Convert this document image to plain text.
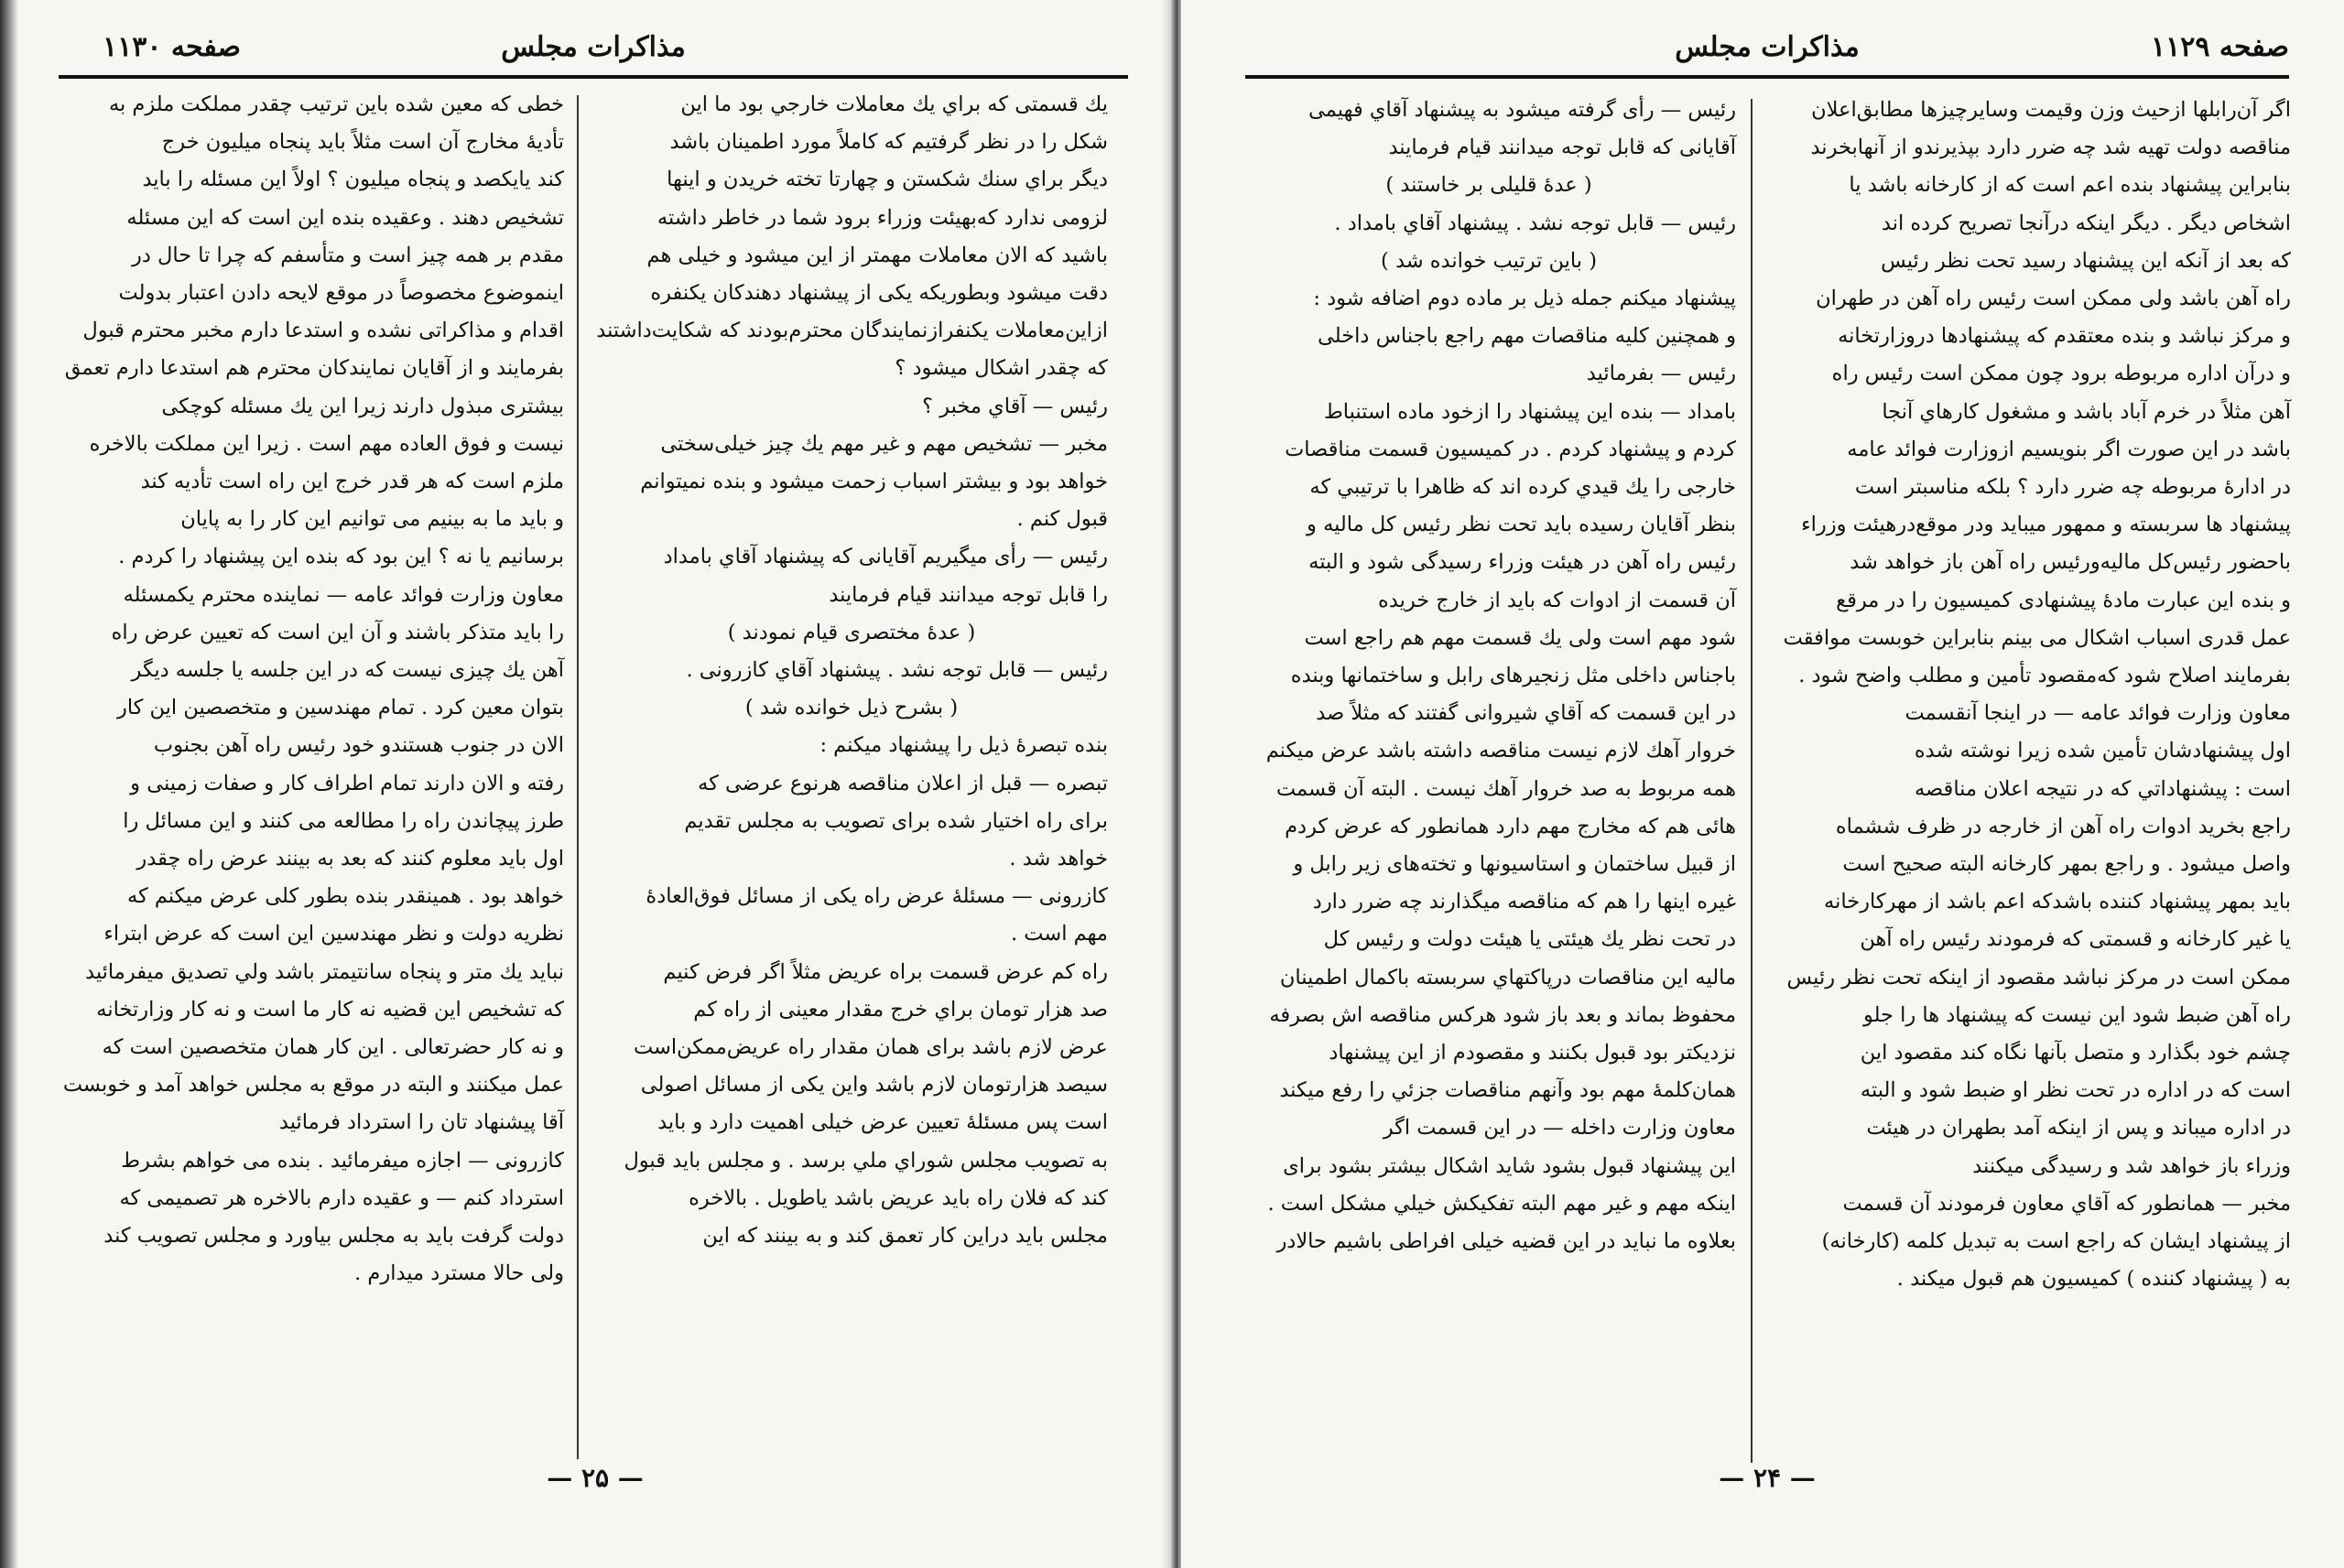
مذاكرات مجلس
صفحه ۱۱۳۰

یك قسمتی كه براي یك معاملات خارجي بود ما این

شكل را در نظر گرفتیم كه كاملاً مورد اطمینان باشد

دیگر براي سنك شكستن و چهارتا تخته خریدن و اینها

لزومی ندارد كه‌بهیئت وزراء برود شما در خاطر داشته

باشید كه الان معاملات مهمتر از این میشود و خیلی هم

دقت میشود وبطوریكه یكی از پیشنهاد دهندكان یكنفره

ازاین‌معاملات یكنفرازنمایندگان محترم‌بودند كه شكایت‌داشتند

كه چقدر اشكال میشود ؟

رئیس — آقاي مخبر ؟

مخبر — تشخیص مهم و غیر مهم یك چیز خیلی‌سختی

خواهد بود و بیشتر اسباب زحمت میشود و بنده نمیتوانم

قبول كنم .

رئیس — رأی میگیریم آقایانی كه پیشنهاد آقاي بامداد

را قابل توجه میدانند قیام فرمایند

( عدهٔ مختصری قیام نمودند )

رئیس — قابل توجه نشد . پیشنهاد آقاي كازرونی .

( بشرح ذیل خوانده شد )

بنده تبصرهٔ ذیل را پیشنهاد میكنم :

تبصره — قبل از اعلان مناقصه هرنوع عرضی كه

برای راه اختیار شده برای تصویب به مجلس تقدیم

خواهد شد .

كازرونی — مسئلهٔ عرض راه یكی از مسائل فوق‌العادهٔ

مهم است .

راه كم عرض قسمت براه عریض مثلاً اگر فرض كنیم

صد هزار تومان براي خرج مقدار معینی از راه كم

عرض لازم باشد برای همان مقدار راه عریض‌ممكن‌است

سیصد هزارتومان لازم باشد واین یكی از مسائل اصولی

است پس مسئلهٔ تعیین عرض خیلی اهمیت دارد و باید

به تصویب مجلس شوراي ملي برسد . و مجلس باید قبول

كند كه فلان راه باید عریض باشد یاطویل . بالاخره

مجلس باید دراین كار تعمق كند و به بینند كه این

خطی كه معین شده باین ترتیب چقدر مملكت ملزم به

تأدیهٔ مخارج آن است مثلاً باید پنجاه میلیون خرج

كند یایكصد و پنجاه میلیون ؟ اولاً این مسئله را باید

تشخیص دهند . وعقیده بنده این است كه این مسئله

مقدم بر همه چیز است و متأسفم كه چرا تا حال در

اینموضوع مخصوصاً در موقع لایحه دادن اعتبار بدولت

اقدام و مذاكراتی نشده و استدعا دارم مخبر محترم قبول

بفرمایند و از آقایان نمایندكان محترم هم استدعا دارم تعمق

بیشتری مبذول دارند زیرا این یك مسئله كوچكی

نیست و فوق العاده مهم است . زیرا این مملكت بالاخره

ملزم است كه هر قدر خرج این راه است تأدیه كند

و باید ما به بینیم می توانیم این كار را به پایان

برسانیم یا نه ؟ این بود كه بنده این پیشنهاد را كردم .

معاون وزارت فوائد عامه — نماینده محترم یكمسئله

را باید متذكر باشند و آن این است كه تعیین عرض راه

آهن یك چیزی نیست كه در این جلسه یا جلسه دیگر

بتوان معین كرد . تمام مهندسین و متخصصین این كار

الان در جنوب هستندو خود رئیس راه آهن بجنوب

رفته و الان دارند تمام اطراف كار و صفات زمینی و

طرز پیچاندن راه را مطالعه می كنند و این مسائل را

اول باید معلوم كنند كه بعد به بینند عرض راه چقدر

خواهد بود . همینقدر بنده بطور كلی عرض میكنم كه

نظریه دولت و نظر مهندسین این است كه عرض ابتراء

نباید یك متر و پنجاه سانتیمتر باشد ولي تصدیق میفرمائید

كه تشخیص این قضیه نه كار ما است و نه كار وزارتخانه

و نه كار حضرتعالی . این كار همان متخصصین است كه

عمل میكنند و البته در موقع به مجلس خواهد آمد و خوبست

آقا پیشنهاد تان را استرداد فرمائید

كازرونی — اجازه میفرمائید . بنده می خواهم بشرط

استرداد كنم — و عقیده دارم بالاخره هر تصمیمی كه

دولت گرفت باید به مجلس بیاورد و مجلس تصویب كند

ولی حالا مسترد میدارم .

— ۲۵ —
مذاكرات مجلس	صفحه ۱۱۲۹

اگر آن‌رابلها ازحیث وزن وقیمت وسایرچیزها مطابق‌اعلان

مناقصه دولت تهیه شد چه ضرر دارد بپذیرندو از آنهابخرند

بنابراین پیشنهاد بنده اعم است كه از كارخانه باشد یا

اشخاص دیگر . دیگر اینكه درآنجا تصریح كرده اند

كه بعد از آنكه این پیشنهاد رسید تحت نظر رئیس

راه آهن باشد ولی ممكن است رئیس راه آهن در طهران

و مركز نباشد و بنده معتقدم كه پیشنهادها دروزارتخانه

و درآن اداره مربوطه برود چون ممكن است رئیس راه

آهن مثلاً در خرم آباد باشد و مشغول كارهاي آنجا

باشد در این صورت اگر بنویسیم ازوزارت فوائد عامه

در ادارهٔ مربوطه چه ضرر دارد ؟ بلكه مناسبتر است

پیشنهاد ها سربسته و ممهور میباید ودر موقع‌درهیئت وزراء

باحضور رئیس‌كل مالیه‌ورئیس راه آهن باز خواهد شد

و بنده این عبارت مادهٔ پیشنهادی كمیسیون را در مرقع

عمل قدری اسباب اشكال می بینم بنابراین خوبست موافقت

بفرمایند اصلاح شود كه‌مقصود تأمین و مطلب واضح شود .

معاون وزارت فوائد عامه — در اینجا آنقسمت

اول پیشنهادشان تأمین شده زیرا نوشته شده

است : پیشنهاداتي كه در نتیجه اعلان مناقصه

راجع بخرید ادوات راه آهن از خارجه در ظرف ششماه

واصل میشود . و راجع بمهر كارخانه البته صحیح است

باید بمهر پیشنهاد كننده باشدكه اعم باشد از مهركارخانه

یا غیر كارخانه و قسمتی كه فرمودند رئیس راه آهن

ممكن است در مركز نباشد مقصود از اینكه تحت نظر رئیس

راه آهن ضبط شود این نیست كه پیشنهاد ها را جلو

چشم خود بگذارد و متصل بآنها نگاه كند مقصود این

است كه در اداره در تحت نظر او ضبط شود و البته

در اداره میباند و پس از اینكه آمد بطهران در هیئت

وزراء باز خواهد شد و رسیدگی میكنند

مخبر — همانطور كه آقاي معاون فرمودند آن قسمت

از پیشنهاد ایشان كه راجع است به تبدیل كلمه (كارخانه)

به ( پیشنهاد كننده ) كمیسیون هم قبول میكند .

رئیس — رأی گرفته میشود به پیشنهاد آقاي فهیمی

آقایانی كه قابل توجه میدانند قیام فرمایند

( عدهٔ قلیلی بر خاستند )

رئیس — قابل توجه نشد . پیشنهاد آقاي بامداد .

( باین ترتیب خوانده شد )

پیشنهاد میكنم جمله ذیل بر ماده دوم اضافه شود :

و همچنین كلیه مناقصات مهم راجع باجناس داخلی

رئیس — بفرمائید

بامداد — بنده این پیشنهاد را ازخود ماده استنباط

كردم و پیشنهاد كردم . در كمیسیون قسمت مناقصات

خارجی را یك قیدي كرده اند كه ظاهرا با ترتیبي كه

بنظر آقایان رسیده باید تحت نظر رئیس كل مالیه و

رئیس راه آهن در هیئت وزراء رسیدگی شود و البته

آن قسمت از ادوات كه باید از خارج خریده

شود مهم است ولی یك قسمت مهم هم راجع است

باجناس داخلی مثل زنجیرهای رابل و ساختمانها وبنده

در این قسمت كه آقاي شیروانی گفتند كه مثلاً صد

خروار آهك لازم نیست مناقصه داشته باشد عرض میكنم

همه مربوط به صد خروار آهك نیست . البته آن قسمت

هائی هم كه مخارج مهم دارد همانطور كه عرض كردم

از قبیل ساختمان و استاسیونها و تخته‌های زیر رابل و

غیره اینها را هم كه مناقصه میگذارند چه ضرر دارد

در تحت نظر یك هیئتی یا هیئت دولت و رئیس كل

مالیه این مناقصات درپاكتهاي سربسته باكمال اطمینان

محفوظ بماند و بعد باز شود هركس مناقصه اش بصرفه

نزدیكتر بود قبول بكنند و مقصودم از این پیشنهاد

همان‌كلمهٔ مهم بود وآنهم مناقصات جزئي را رفع میكند

معاون وزارت داخله — در این قسمت اگر

این پیشنهاد قبول بشود شاید اشكال بیشتر بشود برای

اینكه مهم و غیر مهم البته تفكیكش خیلي مشكل است .

بعلاوه ما نباید در این قضیه خیلی افراطی باشیم حالادر

— ۲۴ —
